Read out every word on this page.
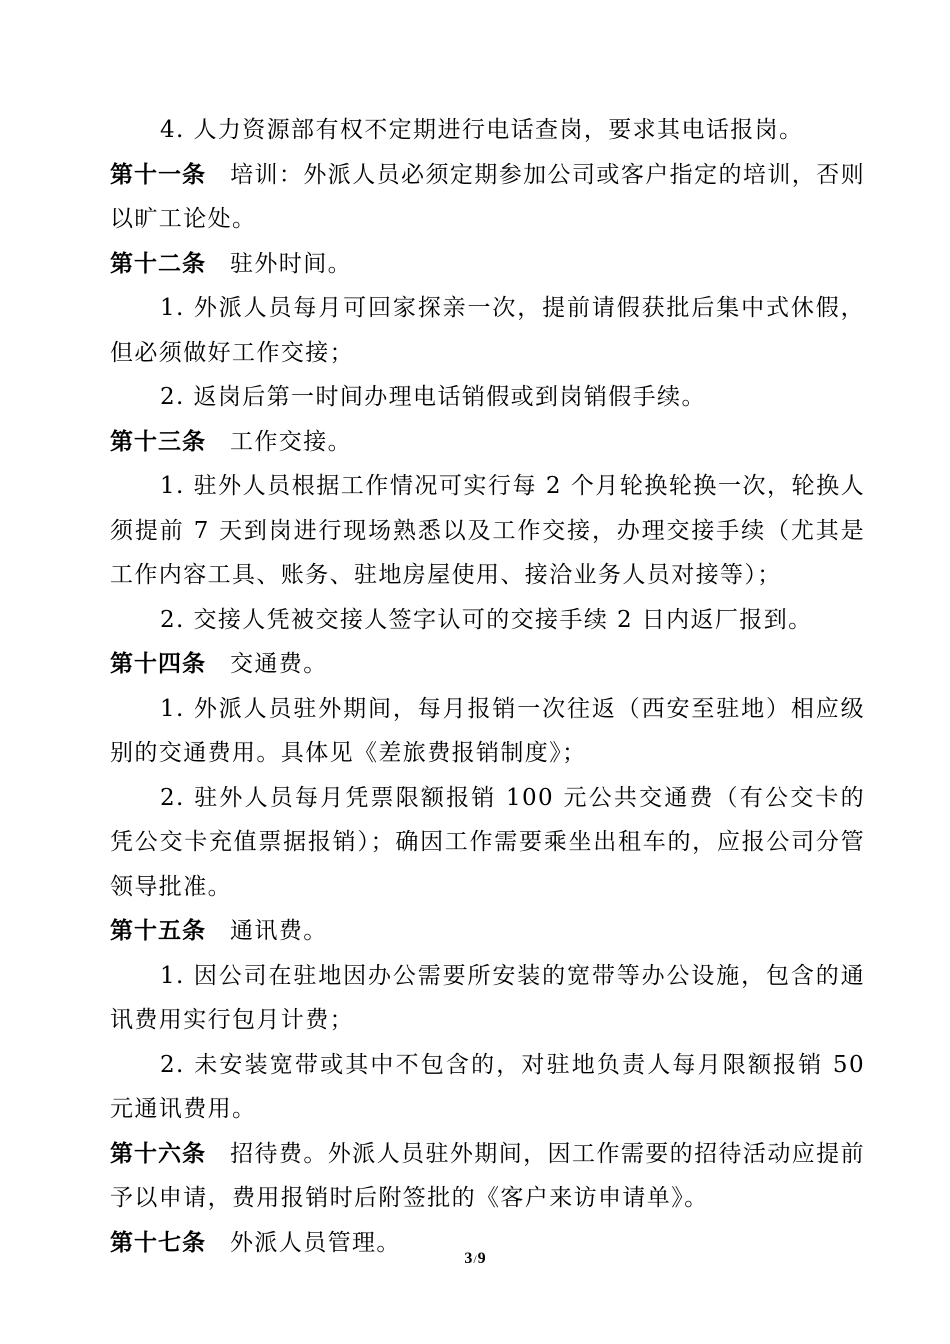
4. 人力资源部有权不定期进行电话查岗，要求其电话报岗。

第十一条 培训：外派人员必须定期参加公司或客户指定的培训，否则以旷工论处。

第十二条 驻外时间。

1. 外派人员每月可回家探亲一次，提前请假获批后集中式休假，但必须做好工作交接；

2. 返岗后第一时间办理电话销假或到岗销假手续。

第十三条 工作交接。

1. 驻外人员根据工作情况可实行每 2 个月轮换轮换一次，轮换人须提前 7 天到岗进行现场熟悉以及工作交接，办理交接手续（尤其是工作内容工具、账务、驻地房屋使用、接洽业务人员对接等）；

2. 交接人凭被交接人签字认可的交接手续 2 日内返厂报到。

第十四条 交通费。

1. 外派人员驻外期间，每月报销一次往返（西安至驻地）相应级别的交通费用。具体见《差旅费报销制度》；

2. 驻外人员每月凭票限额报销 100 元公共交通费（有公交卡的凭公交卡充值票据报销）；确因工作需要乘坐出租车的，应报公司分管领导批准。

第十五条 通讯费。

1. 因公司在驻地因办公需要所安装的宽带等办公设施，包含的通讯费用实行包月计费；

2. 未安装宽带或其中不包含的，对驻地负责人每月限额报销 50 元通讯费用。

第十六条 招待费。外派人员驻外期间，因工作需要的招待活动应提前予以申请，费用报销时后附签批的《客户来访申请单》。

第十七条 外派人员管理。

3/9
